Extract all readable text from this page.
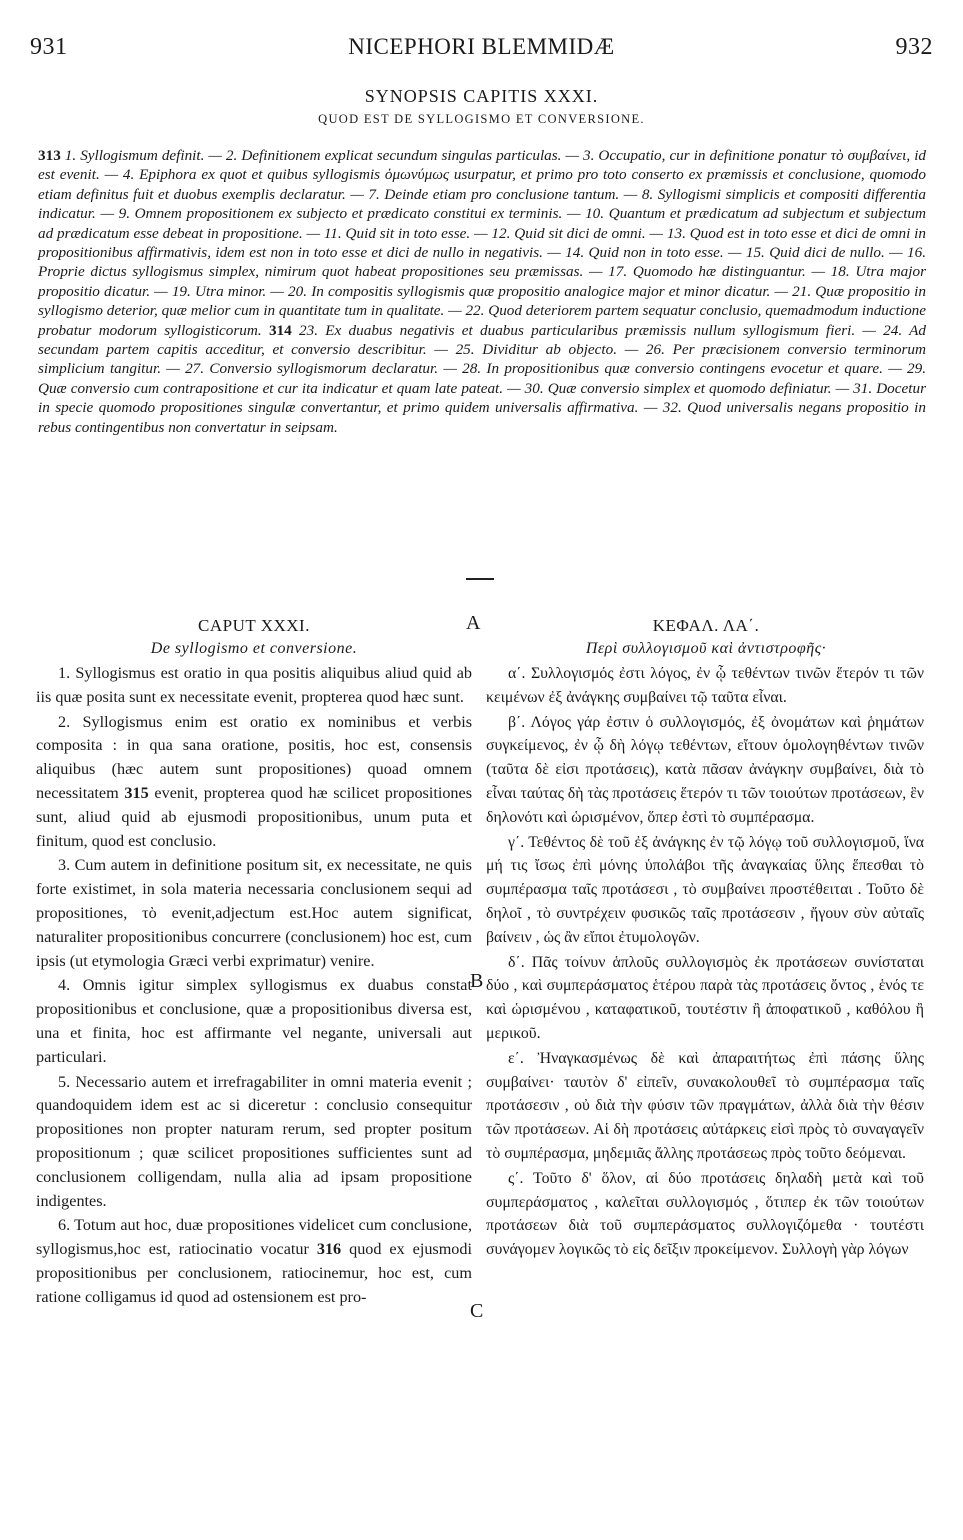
931	NICEPHORI BLEMMIDÆ	932
SYNOPSIS CAPITIS XXXI.
QUOD EST DE SYLLOGISMO ET CONVERSIONE.
313 1. Syllogismum definit. — 2. Definitionem explicat secundum singulas particulas. — 3. Occupatio, cur in definitione ponatur τὸ συμβαίνει, id est evenit. — 4. Epiphora ex quot et quibus syllogismis ὁμωνύμως usurpatur, et primo pro toto conserto ex præmissis et conclusione, quomodo etiam definitus fuit et duobus exemplis declaratur. — 7. Deinde etiam pro conclusione tantum. — 8. Syllogismi simplicis et compositi differentia indicatur. — 9. Omnem propositionem ex subjecto et prædicato constitui ex terminis. — 10. Quantum et prædicatum ad subjectum et subjectum ad prædicatum esse debeat in propositione. — 11. Quid sit in toto esse. — 12. Quid sit dici de omni. — 13. Quod est in toto esse et dici de omni in propositionibus affirmativis, idem est non in toto esse et dici de nullo in negativis. — 14. Quid non in toto esse. — 15. Quid dici de nullo. — 16. Proprie dictus syllogismus simplex, nimirum quot habeat propositiones seu præmissas. — 17. Quomodo hæ distinguantur. — 18. Utra major propositio dicatur. — 19. Utra minor. — 20. In compositis syllogismis quæ propositio analogice major et minor dicatur. — 21. Quæ propositio in syllogismo deterior, quæ melior cum in quantitate tum in qualitate. — 22. Quod deteriorem partem sequatur conclusio, quemadmodum inductione probatur modorum syllogisticorum. 314 23. Ex duabus negativis et duabus particularibus præmissis nullum syllogismum fieri. — 24. Ad secundam partem capitis acceditur, et conversio describitur. — 25. Dividitur ab objecto. — 26. Per præcisionem conversio terminorum simplicium tangitur. — 27. Conversio syllogismorum declaratur. — 28. In propositionibus quæ conversio contingens evocetur et quare. — 29. Quæ conversio cum contrapositione et cur ita indicatur et quam late pateat. — 30. Quæ conversio simplex et quomodo definiatur. — 31. Docetur in specie quomodo propositiones singulæ convertantur, et primo quidem universalis affirmativa. — 32. Quod universalis negans propositio in rebus contingentibus non convertatur in seipsam.
CAPUT XXXI.
De syllogismo et conversione.
ΚΕΦΑΛ. ΛΑ΄.
Περὶ συλλογισμοῦ καὶ ἀντιστροφῆς·
A
B
C

1. Syllogismus est oratio in qua positis aliquibus aliud quid ab iis quæ posita sunt ex necessitate evenit, propterea quod hæc sunt.

2. Syllogismus enim est oratio ex nominibus et verbis composita : in qua sana oratione, positis, hoc est, consensis aliquibus (hæc autem sunt propositiones) quoad omnem necessitatem 315 evenit, propterea quod hæ scilicet propositiones sunt, aliud quid ab ejusmodi propositionibus, unum puta et finitum, quod est conclusio.

3. Cum autem in definitione positum sit, ex necessitate, ne quis forte existimet, in sola materia necessaria conclusionem sequi ad propositiones, τὸ evenit,adjectum est.Hoc autem significat, naturaliter propositionibus concurrere (conclusionem) hoc est, cum ipsis (ut etymologia Græci verbi exprimatur) venire.

4. Omnis igitur simplex syllogismus ex duabus constat propositionibus et conclusione, quæ a propositionibus diversa est, una et finita, hoc est affirmante vel negante, universali aut particulari.

5. Necessario autem et irrefragabiliter in omni materia evenit ; quandoquidem idem est ac si diceretur : conclusio consequitur propositiones non propter naturam rerum, sed propter positum propositionum ; quæ scilicet propositiones sufficientes sunt ad conclusionem colligendam, nulla alia ad ipsam propositione indigentes.

6. Totum aut hoc, duæ propositiones videlicet cum conclusione, syllogismus,hoc est, ratiocinatio vocatur 316 quod ex ejusmodi propositionibus per conclusionem, ratiocinemur, hoc est, cum ratione colligamus id quod ad ostensionem est pro-

α΄. Συλλογισμός ἐστι λόγος, ἐν ᾧ τεθέντων τινῶν ἕτερόν τι τῶν κειμένων ἐξ ἀνάγκης συμβαίνει τῷ ταῦτα εἶναι.

β΄. Λόγος γάρ ἐστιν ὁ συλλογισμός, ἐξ ὀνομάτων καὶ ῥημάτων συγκείμενος, ἐν ᾧ δὴ λόγῳ τεθέντων, εἴτουν ὁμολογηθέντων τινῶν (ταῦτα δὲ εἰσι προτάσεις), κατὰ πᾶσαν ἀνάγκην συμβαίνει, διὰ τὸ εἶναι ταύτας δὴ τὰς προτάσεις ἕτερόν τι τῶν τοιούτων προτάσεων, ἓν δηλονότι καὶ ὡρισμένον, ὅπερ ἐστὶ τὸ συμπέρασμα.

γ΄. Τεθέντος δὲ τοῦ ἐξ ἀνάγκης ἐν τῷ λόγῳ τοῦ συλλογισμοῦ, ἵνα μή τις ἴσως ἐπὶ μόνης ὑπολάβοι τῆς ἀναγκαίας ὕλης ἕπεσθαι τὸ συμπέρασμα ταῖς προτάσεσι , τὸ συμβαίνει προστέθειται . Τοῦτο δὲ δηλοῖ , τὸ συντρέχειν φυσικῶς ταῖς προτάσεσιν , ἤγουν σὺν αὐταῖς βαίνειν , ὡς ἂν εἴποι ἐτυμολογῶν.

δ΄. Πᾶς τοίνυν ἁπλοῦς συλλογισμὸς ἐκ προτάσεων συνίσταται δύο , καὶ συμπεράσματος ἑτέρου παρὰ τὰς προτάσεις ὄντος , ἑνός τε καὶ ὡρισμένου , καταφατικοῦ, τουτέστιν ἢ ἀποφατικοῦ , καθόλου ἢ μερικοῦ.

ε΄. Ἠναγκασμένως δὲ καὶ ἀπαραιτήτως ἐπὶ πάσης ὕλης συμβαίνει· ταυτὸν δ' εἰπεῖν, συνακολουθεῖ τὸ συμπέρασμα ταῖς προτάσεσιν , οὐ διὰ τὴν φύσιν τῶν πραγμάτων, ἀλλὰ διὰ τὴν θέσιν τῶν προτάσεων. Αἱ δὴ προτάσεις αὐτάρκεις εἰσὶ πρὸς τὸ συναγαγεῖν τὸ συμπέρασμα, μηδεμιᾶς ἄλλης προτάσεως πρὸς τοῦτο δεόμεναι.

ς΄. Τοῦτο δ' ὅλον, αἱ δύο προτάσεις δηλαδὴ μετὰ καὶ τοῦ συμπεράσματος , καλεῖται συλλογισμός , ὅτιπερ ἐκ τῶν τοιούτων προτάσεων διὰ τοῦ συμπεράσματος συλλογιζόμεθα · τουτέστι συνάγομεν λογικῶς τὸ εἰς δεῖξιν προκείμενον. Συλλογὴ γὰρ λόγων
